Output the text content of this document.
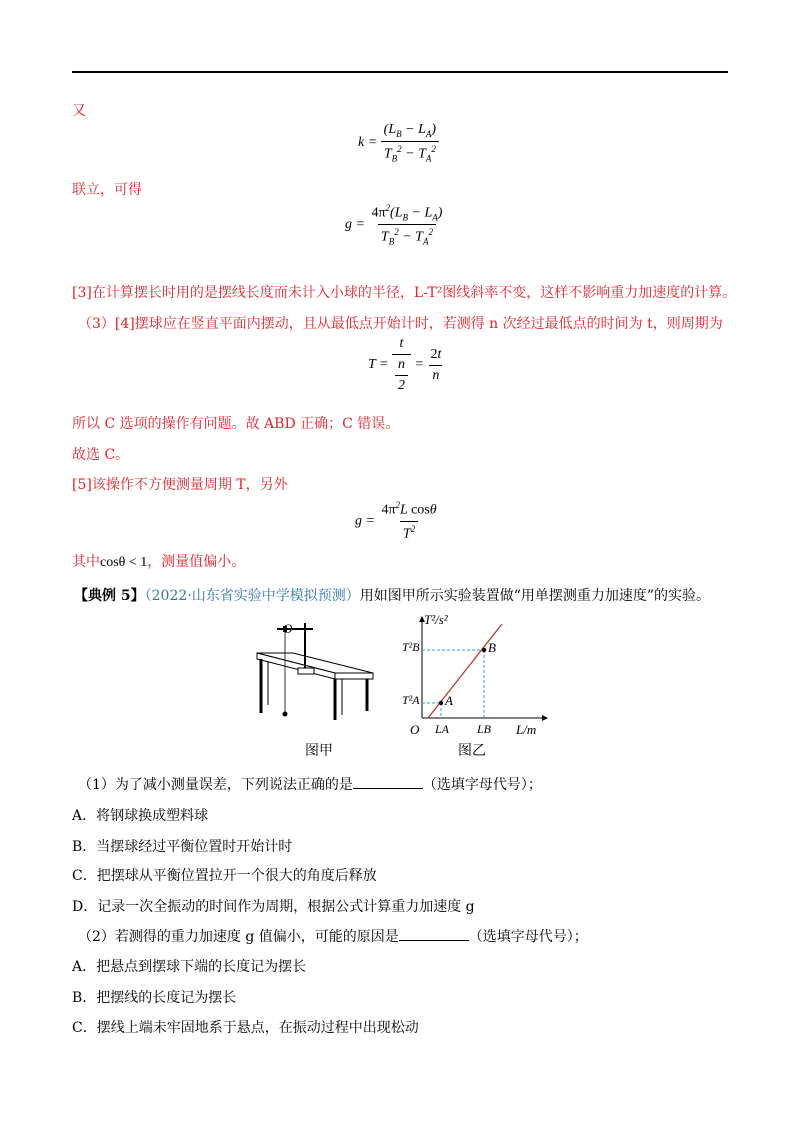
又
$k = \frac{(L_B - L_A)}{T_B^2 - T_A^2}$
联立，可得
$g = \frac{4\pi^2(L_B - L_A)}{T_B^2 - T_A^2}$
[3]在计算摆长时用的是摆线长度而未计入小球的半径，L-T²图线斜率不变，这样不影响重力加速度的计算。
（3）[4]摆球应在竖直平面内摆动，且从最低点开始计时，若测得 n 次经过最低点的时间为 t，则周期为
$T = \frac{t}{\frac{n}{2}} = \frac{2t}{n}$
所以 C 选项的操作有问题。故 ABD 正确；C 错误。
故选 C。
[5]该操作不方便测量周期 T，另外
$g = \frac{4\pi^2L \cos\theta}{T^2}$
其中cosθ < 1，测量值偏小。
【典例 5】（2022·山东省实验中学模拟预测）用如图甲所示实验装置做“用单摆测重力加速度”的实验。
O
T²/s²
T²B
T²A
B
A
O LA LB L/m
图甲	图乙
（1）为了减小测量误差，下列说法正确的是	（选填字母代号）；
A．将钢球换成塑料球
B．当摆球经过平衡位置时开始计时
C．把摆球从平衡位置拉开一个很大的角度后释放
D．记录一次全振动的时间作为周期，根据公式计算重力加速度 g
（2）若测得的重力加速度 g 值偏小，可能的原因是	（选填字母代号）；
A．把悬点到摆球下端的长度记为摆长
B．把摆线的长度记为摆长
C．摆线上端未牢固地系于悬点，在振动过程中出现松动
